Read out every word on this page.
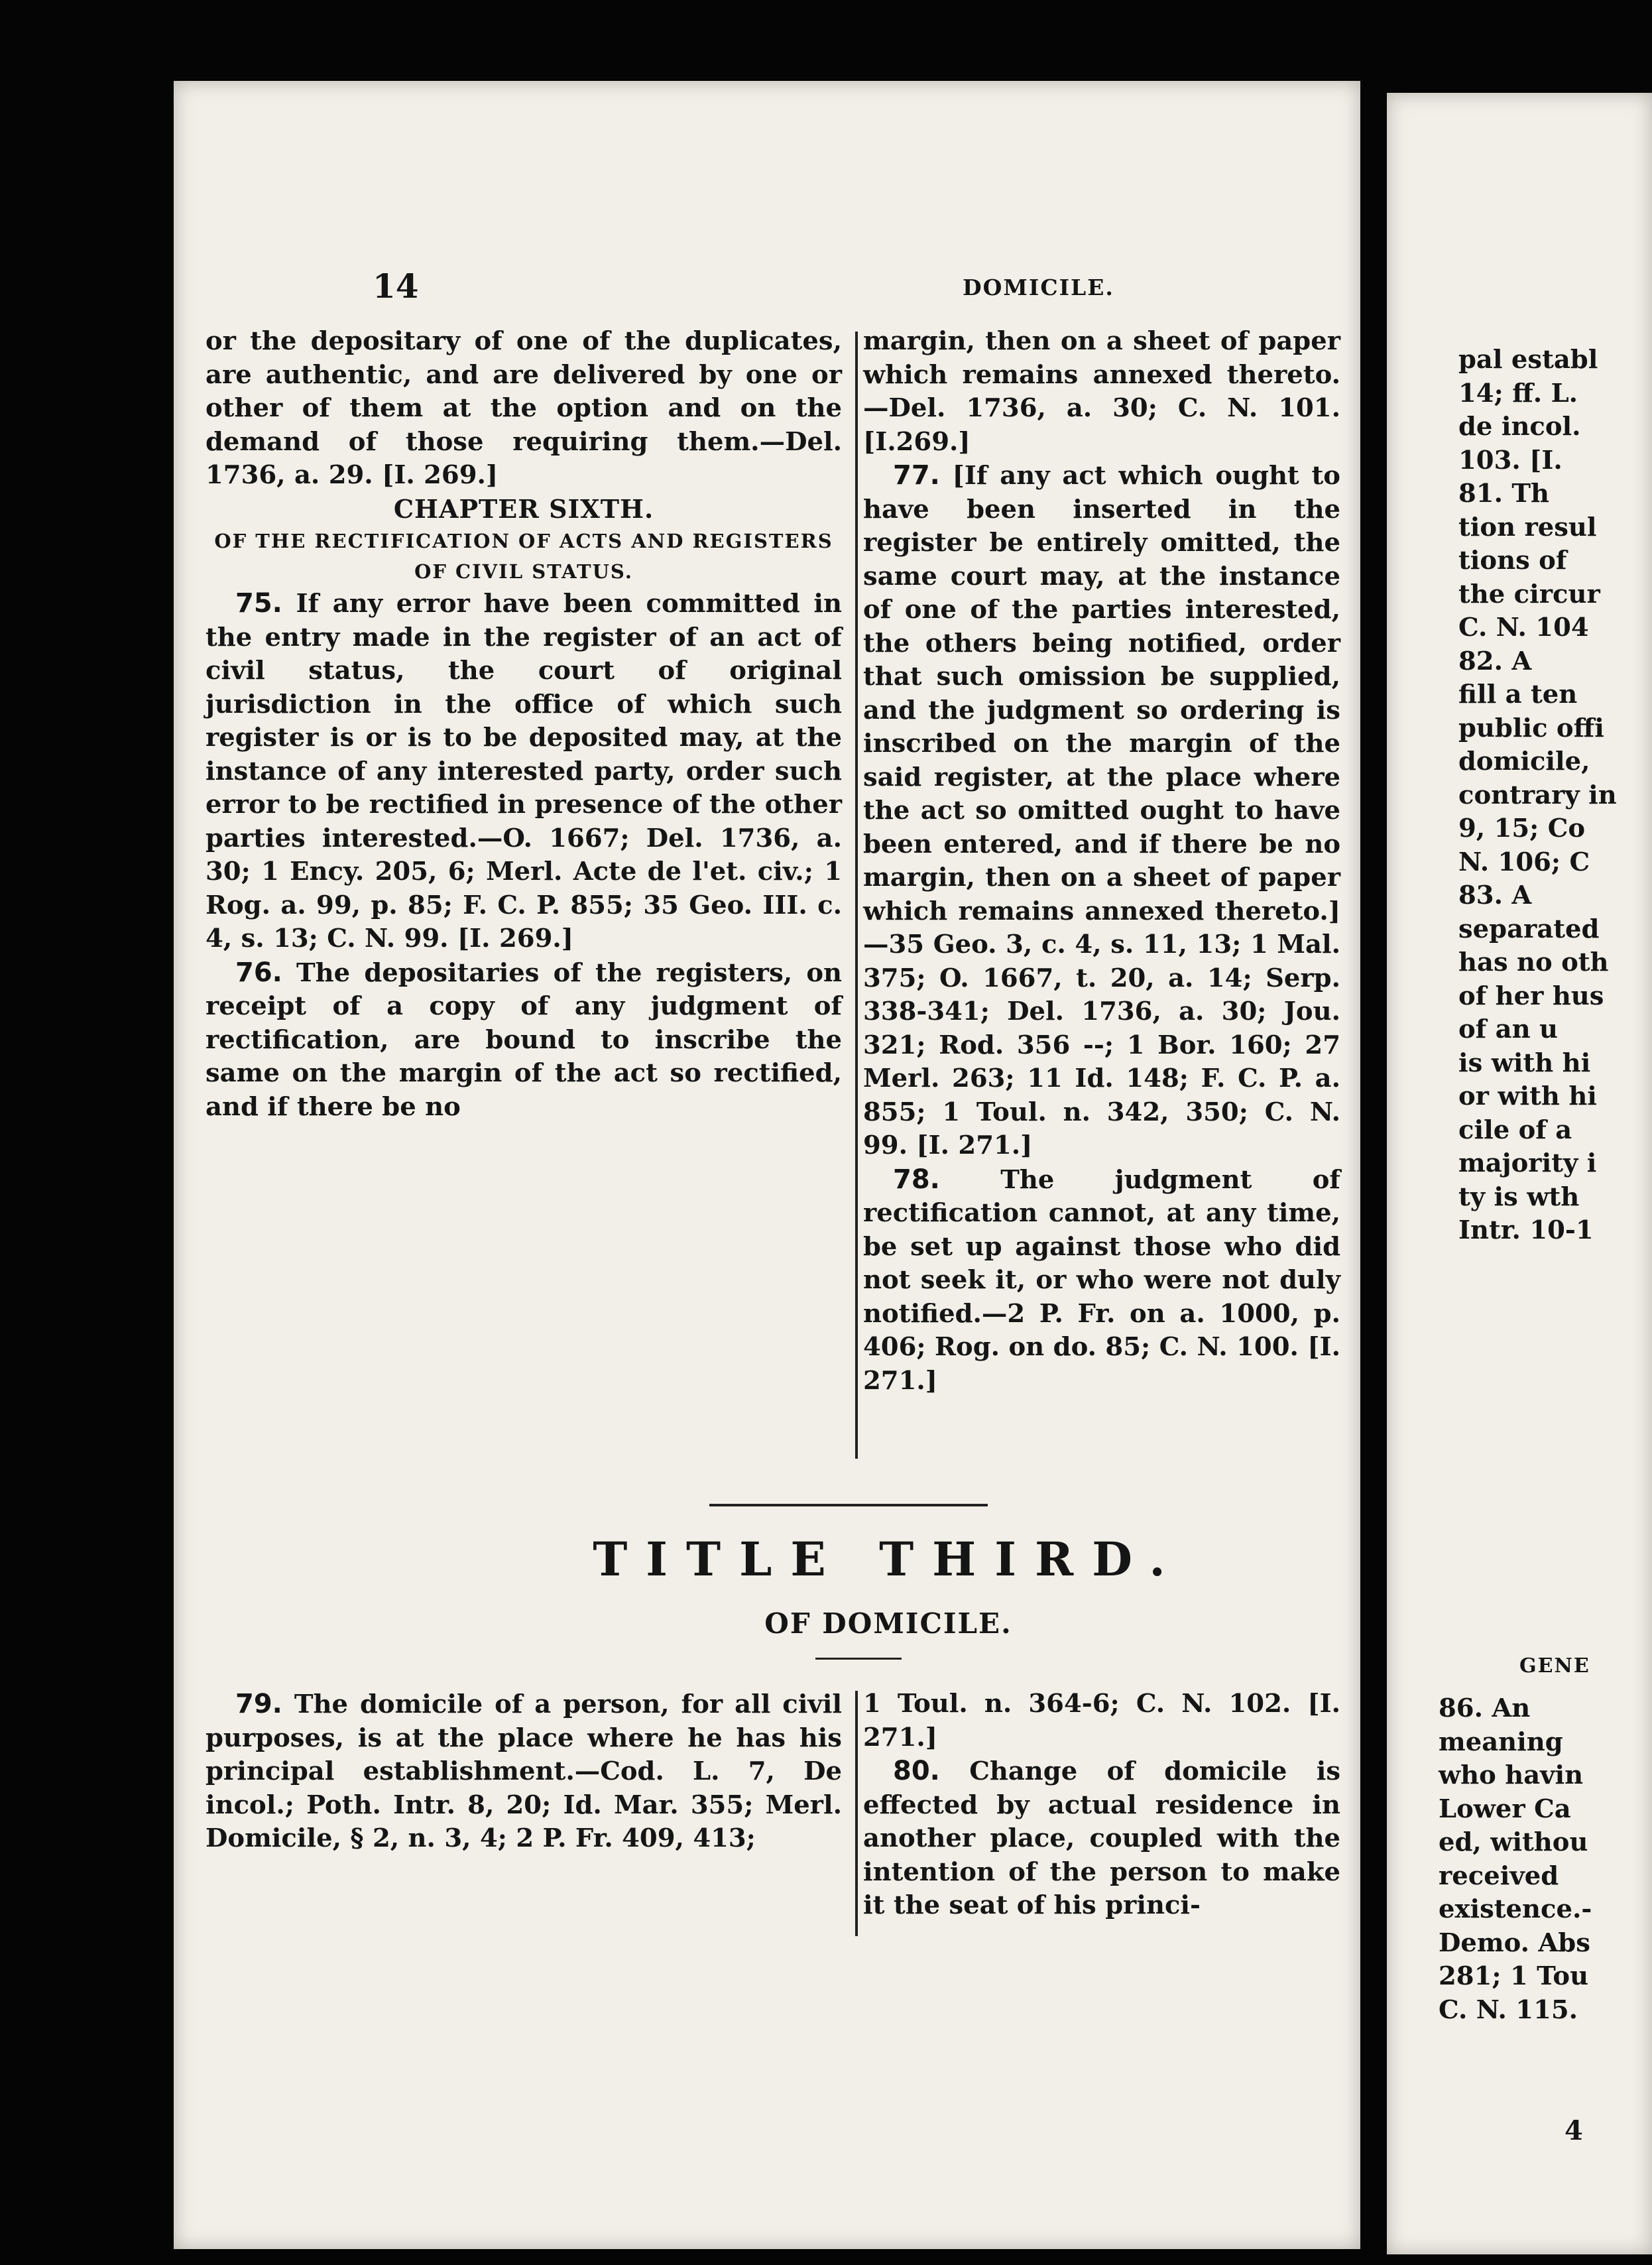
14	DOMICILE.
pal establ
14; ff. L.
de incol.
103. [I.
81. Th
tion resul
tions of
the circur
C. N. 104
82. A
fill a ten
public offi
domicile,
contrary in
9, 15; Co
N. 106; C
83. A
separated
has no oth
of her hus
of an u
is with hi
or with hi
cile of a
majority i
ty is wth
Intr. 10-1
GENE
86. An
meaning
who havin
Lower Ca
ed, withou
received
existence.-
Demo. Abs
281; 1 Tou
C. N. 115.
4

or the depositary of one of the duplicates, are authentic, and are delivered by one or other of them at the option and on the demand of those requiring them.—Del. 1736, a. 29. [I. 269.]

CHAPTER SIXTH.

OF THE RECTIFICATION OF ACTS AND REGISTERS OF CIVIL STATUS.

75. If any error have been committed in the entry made in the register of an act of civil status, the court of original jurisdiction in the office of which such register is or is to be deposited may, at the instance of any interested party, order such error to be rectified in presence of the other parties interested.—O. 1667; Del. 1736, a. 30; 1 Ency. 205, 6; Merl. Acte de l'et. civ.; 1 Rog. a. 99, p. 85; F. C. P. 855; 35 Geo. III. c. 4, s. 13; C. N. 99. [I. 269.]

76. The depositaries of the registers, on receipt of a copy of any judgment of rectification, are bound to inscribe the same on the margin of the act so rectified, and if there be no

margin, then on a sheet of paper which remains annexed thereto.—Del. 1736, a. 30; C. N. 101. [I.269.]

77. [If any act which ought to have been inserted in the register be entirely omitted, the same court may, at the instance of one of the parties interested, the others being notified, order that such omission be supplied, and the judgment so ordering is inscribed on the margin of the said register, at the place where the act so omitted ought to have been entered, and if there be no margin, then on a sheet of paper which remains annexed thereto.]—35 Geo. 3, c. 4, s. 11, 13; 1 Mal. 375; O. 1667, t. 20, a. 14; Serp. 338-341; Del. 1736, a. 30; Jou. 321; Rod. 356 --; 1 Bor. 160; 27 Merl. 263; 11 Id. 148; F. C. P. a. 855; 1 Toul. n. 342, 350; C. N. 99. [I. 271.]

78. The judgment of rectification cannot, at any time, be set up against those who did not seek it, or who were not duly notified.—2 P. Fr. on a. 1000, p. 406; Rog. on do. 85; C. N. 100. [I. 271.]

TITLE THIRD.
OF DOMICILE.

79. The domicile of a person, for all civil purposes, is at the place where he has his principal establishment.—Cod. L. 7, De incol.; Poth. Intr. 8, 20; Id. Mar. 355; Merl. Domicile, § 2, n. 3, 4; 2 P. Fr. 409, 413;

1 Toul. n. 364-6; C. N. 102. [I. 271.]

80. Change of domicile is effected by actual residence in another place, coupled with the intention of the person to make it the seat of his princi-
